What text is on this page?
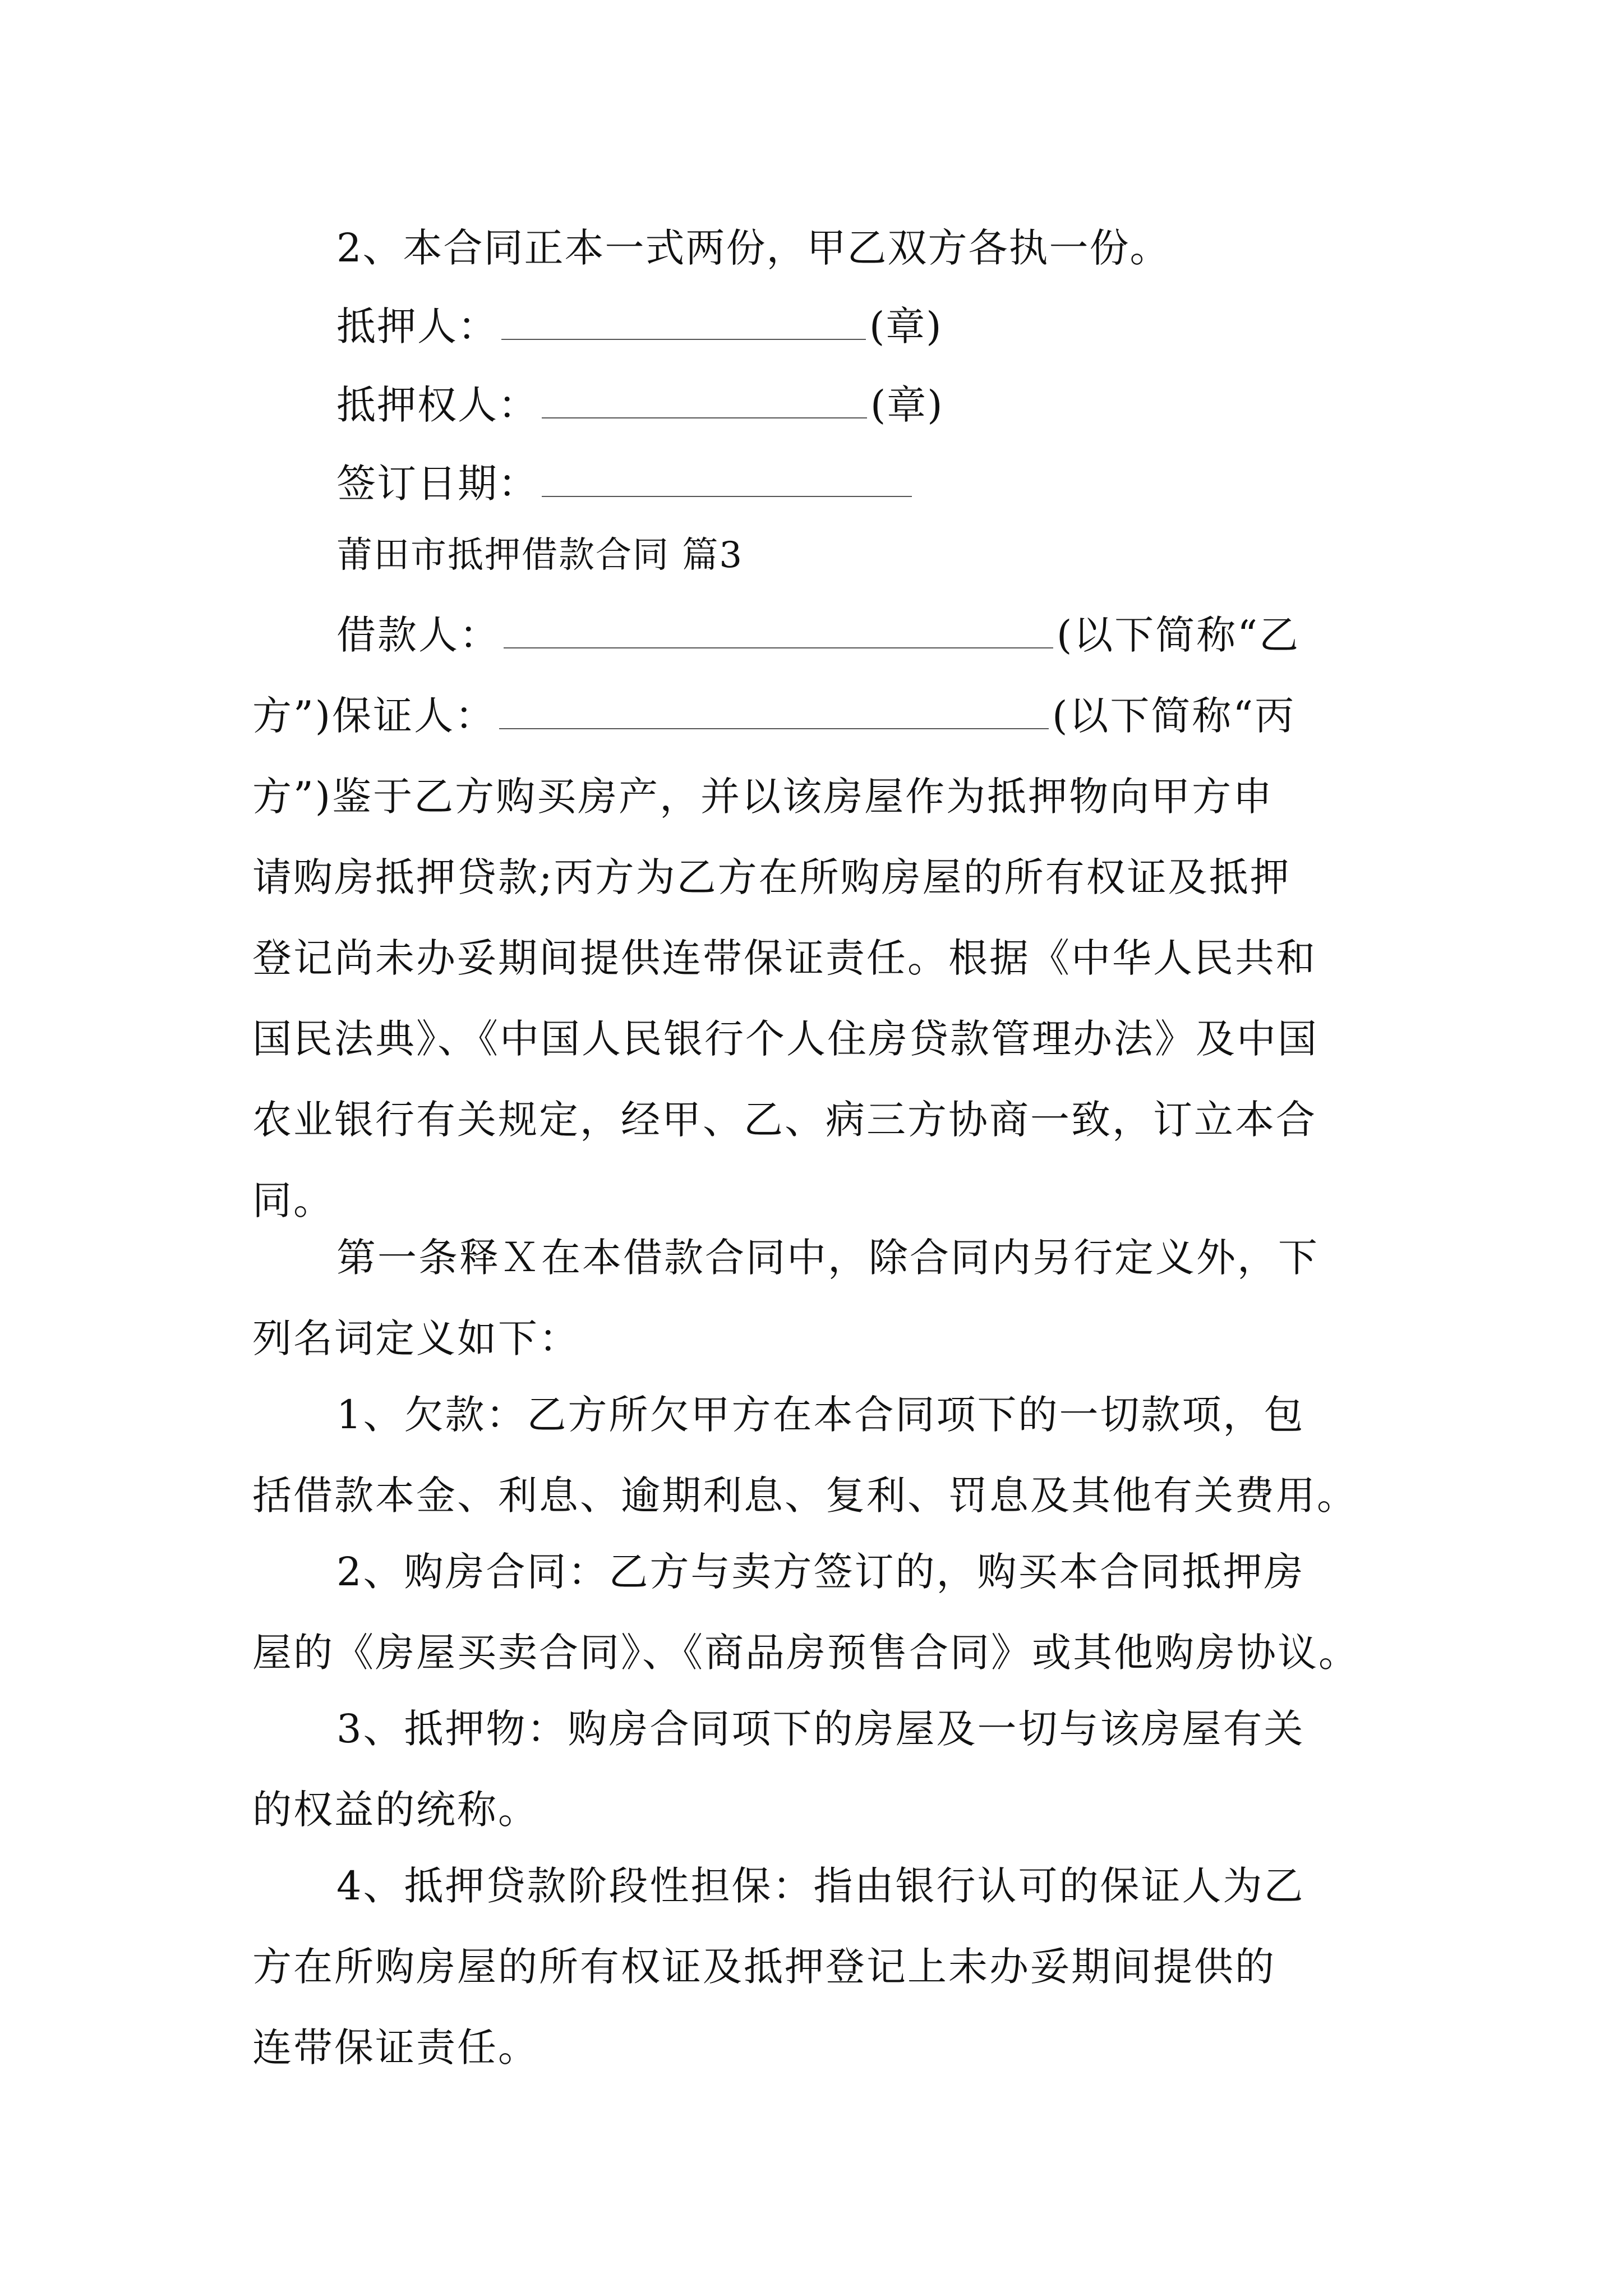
2、本合同正本一式两份，甲乙双方各执一份。
抵押人：	(章)
抵押权人：	(章)
签订日期：
莆田市抵押借款合同 篇3
借款人：	(以下简称“乙
方”)保证人：	(以下简称“丙
方”)鉴于乙方购买房产，并以该房屋作为抵押物向甲方申
请购房抵押贷款;丙方为乙方在所购房屋的所有权证及抵押
登记尚未办妥期间提供连带保证责任。根据《中华人民共和
国民法典》、《中国人民银行个人住房贷款管理办法》及中国
农业银行有关规定，经甲、乙、病三方协商一致，订立本合
同。
第一条释Ｘ在本借款合同中，除合同内另行定义外，下
列名词定义如下：
1、欠款：乙方所欠甲方在本合同项下的一切款项，包
括借款本金、利息、逾期利息、复利、罚息及其他有关费用。
2、购房合同：乙方与卖方签订的，购买本合同抵押房
屋的《房屋买卖合同》、《商品房预售合同》或其他购房协议。
3、抵押物：购房合同项下的房屋及一切与该房屋有关
的权益的统称。
4、抵押贷款阶段性担保：指由银行认可的保证人为乙
方在所购房屋的所有权证及抵押登记上未办妥期间提供的
连带保证责任。
